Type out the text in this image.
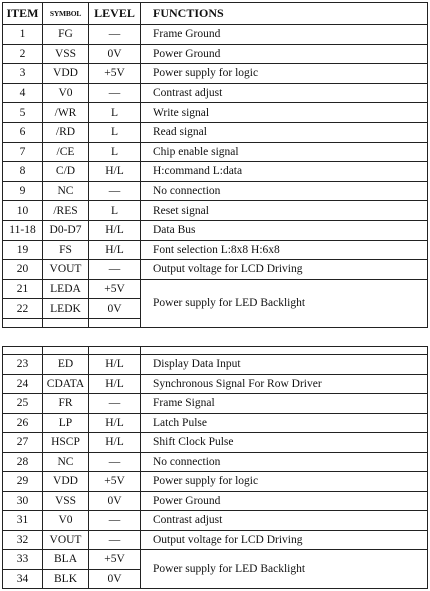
ITEM	SYMBOL	LEVEL	FUNCTIONS
1	FG	—	Frame Ground
2	VSS	0V	Power Ground
3	VDD	+5V	Power supply for logic
4	V0	—	Contrast adjust
5	/WR	L	Write signal
6	/RD	L	Read signal
7	/CE	L	Chip enable signal
8	C/D	H/L	H:command L:data
9	NC	—	No connection
10	/RES	L	Reset signal
11-18	D0-D7	H/L	Data Bus
19	FS	H/L	Font selection L:8x8 H:6x8
20	VOUT	—	Output voltage for LCD Driving
21	LEDA	+5V	Power supply for LED Backlight
22	LEDK	0V	

23	ED	H/L	Display Data Input
24	CDATA	H/L	Synchronous Signal For Row Driver
25	FR	—	Frame Signal
26	LP	H/L	Latch Pulse
27	HSCP	H/L	Shift Clock Pulse
28	NC	—	No connection
29	VDD	+5V	Power supply for logic
30	VSS	0V	Power Ground
31	V0	—	Contrast adjust
32	VOUT	—	Output voltage for LCD Driving
33	BLA	+5V	Power supply for LED Backlight
34	BLK	0V	
